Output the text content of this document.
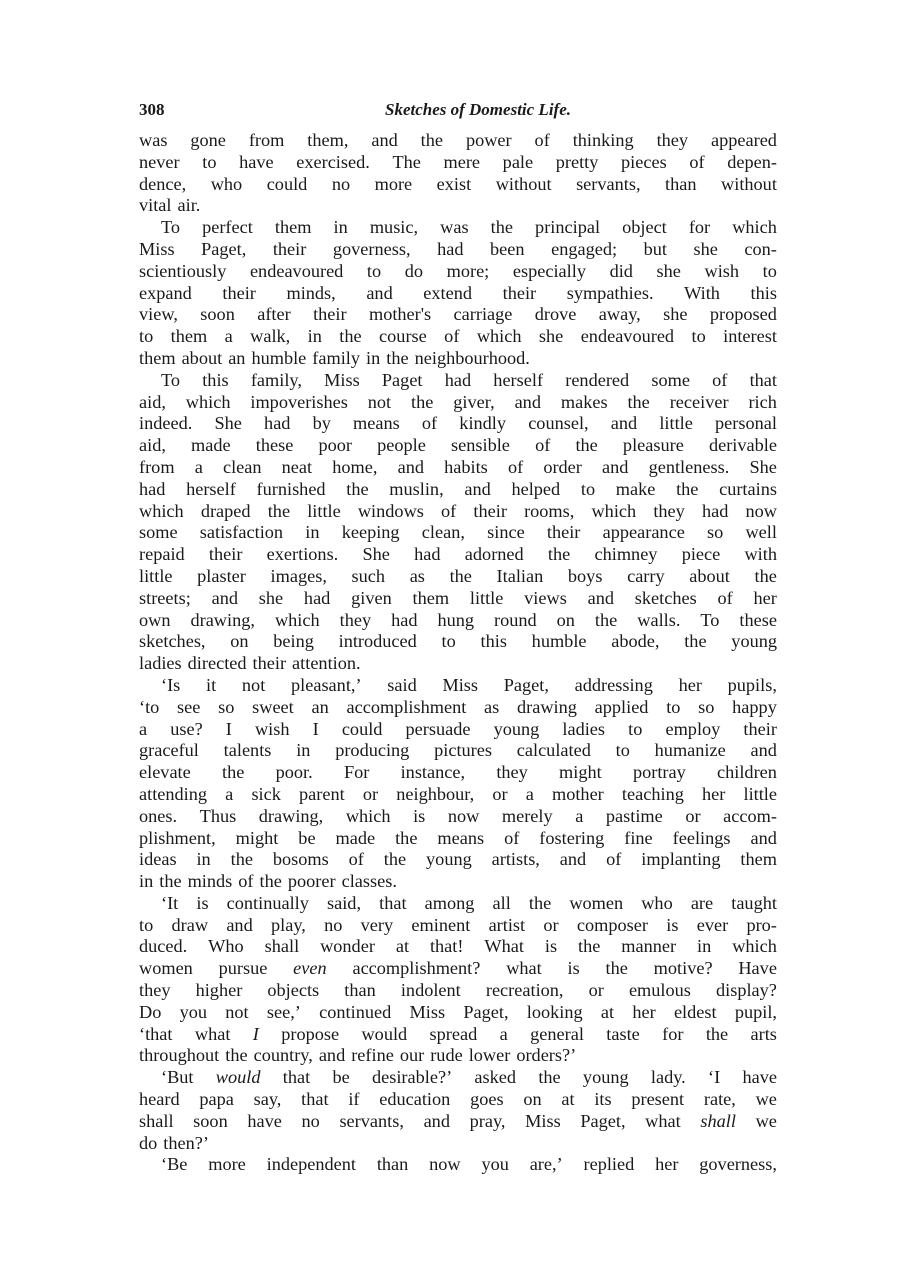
308	Sketches of Domestic Life.
was gone from them, and the power of thinking they appeared
never to have exercised. The mere pale pretty pieces of depen-
dence, who could no more exist without servants, than without
vital air.
To perfect them in music, was the principal object for which
Miss Paget, their governess, had been engaged; but she con-
scientiously endeavoured to do more; especially did she wish to
expand their minds, and extend their sympathies. With this
view, soon after their mother's carriage drove away, she proposed
to them a walk, in the course of which she endeavoured to interest
them about an humble family in the neighbourhood.
To this family, Miss Paget had herself rendered some of that
aid, which impoverishes not the giver, and makes the receiver rich
indeed. She had by means of kindly counsel, and little personal
aid, made these poor people sensible of the pleasure derivable
from a clean neat home, and habits of order and gentleness. She
had herself furnished the muslin, and helped to make the curtains
which draped the little windows of their rooms, which they had now
some satisfaction in keeping clean, since their appearance so well
repaid their exertions. She had adorned the chimney piece with
little plaster images, such as the Italian boys carry about the
streets; and she had given them little views and sketches of her
own drawing, which they had hung round on the walls. To these
sketches, on being introduced to this humble abode, the young
ladies directed their attention.
‘Is it not pleasant,’ said Miss Paget, addressing her pupils,
‘to see so sweet an accomplishment as drawing applied to so happy
a use? I wish I could persuade young ladies to employ their
graceful talents in producing pictures calculated to humanize and
elevate the poor. For instance, they might portray children
attending a sick parent or neighbour, or a mother teaching her little
ones. Thus drawing, which is now merely a pastime or accom-
plishment, might be made the means of fostering fine feelings and
ideas in the bosoms of the young artists, and of implanting them
in the minds of the poorer classes.
‘It is continually said, that among all the women who are taught
to draw and play, no very eminent artist or composer is ever pro-
duced. Who shall wonder at that! What is the manner in which
women pursue even accomplishment? what is the motive? Have
they higher objects than indolent recreation, or emulous display?
Do you not see,’ continued Miss Paget, looking at her eldest pupil,
‘that what I propose would spread a general taste for the arts
throughout the country, and refine our rude lower orders?’
‘But would that be desirable?’ asked the young lady. ‘I have
heard papa say, that if education goes on at its present rate, we
shall soon have no servants, and pray, Miss Paget, what shall we
do then?’
‘Be more independent than now you are,’ replied her governess,
